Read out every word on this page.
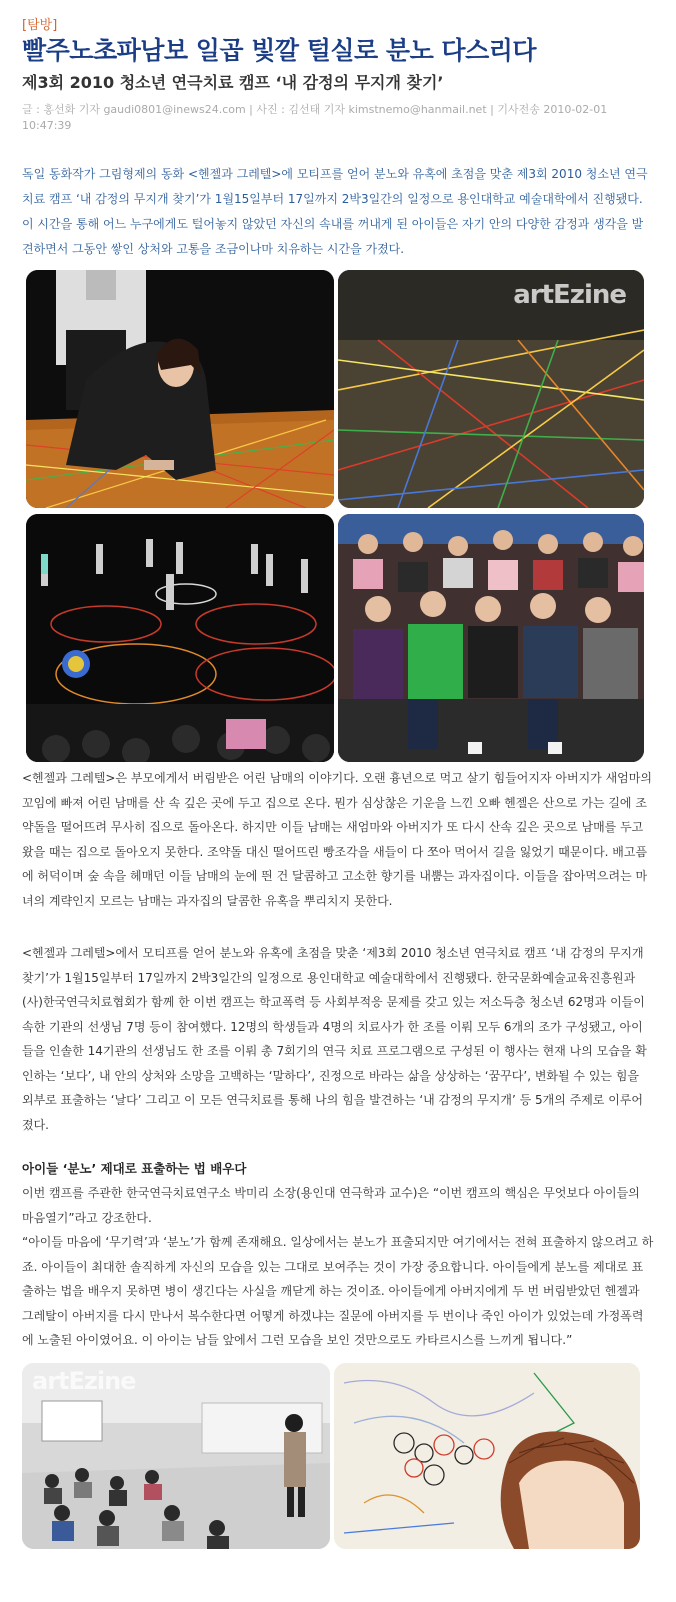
[탐방]
빨주노초파남보 일곱 빛깔 털실로 분노 다스리다
제3회 2010 청소년 연극치료 캠프 ‘내 감정의 무지개 찾기’
글 : 홍선화 기자 gaudi0801@inews24.com | 사진 : 김선태 기자 kimstnemo@hanmail.net | 기사전송 2010-02-01 10:47:39

독일 동화작가 그림형제의 동화 <헨젤과 그레텔>에 모티프를 얻어 분노와 유혹에 초점을 맞춘 제3회 2010 청소년 연극치료 캠프 ‘내 감정의 무지개 찾기’가 1월15일부터 17일까지 2박3일간의 일정으로 용인대학교 예술대학에서 진행됐다. 이 시간을 통해 어느 누구에게도 털어놓지 않았던 자신의 속내를 꺼내게 된 아이들은 자기 안의 다양한 감정과 생각을 발견하면서 그동안 쌓인 상처와 고통을 조금이나마 치유하는 시간을 가졌다.

artEzine

<헨젤과 그레텔>은 부모에게서 버림받은 어린 남매의 이야기다. 오랜 흉년으로 먹고 살기 힘들어지자 아버지가 새엄마의 꼬임에 빠져 어린 남매를 산 속 깊은 곳에 두고 집으로 온다. 뭔가 심상찮은 기운을 느낀 오빠 헨젤은 산으로 가는 길에 조약돌을 떨어뜨려 무사히 집으로 돌아온다. 하지만 이들 남매는 새엄마와 아버지가 또 다시 산속 깊은 곳으로 남매를 두고 왔을 때는 집으로 돌아오지 못한다. 조약돌 대신 떨어뜨린 빵조각을 새들이 다 쪼아 먹어서 길을 잃었기 때문이다. 배고픔에 허덕이며 숲 속을 헤매던 이들 남매의 눈에 띈 건 달콤하고 고소한 향기를 내뿜는 과자집이다. 이들을 잡아먹으려는 마녀의 계략인지 모르는 남매는 과자집의 달콤한 유혹을 뿌리치지 못한다.

<헨젤과 그레텔>에서 모티프를 얻어 분노와 유혹에 초점을 맞춘 ‘제3회 2010 청소년 연극치료 캠프 ‘내 감정의 무지개 찾기’가 1월15일부터 17일까지 2박3일간의 일정으로 용인대학교 예술대학에서 진행됐다. 한국문화예술교육진흥원과 (사)한국연극치료협회가 함께 한 이번 캠프는 학교폭력 등 사회부적응 문제를 갖고 있는 저소득층 청소년 62명과 이들이 속한 기관의 선생님 7명 등이 참여했다. 12명의 학생들과 4명의 치료사가 한 조를 이뤄 모두 6개의 조가 구성됐고, 아이들을 인솔한 14기관의 선생님도 한 조를 이뤄 총 7회기의 연극 치료 프로그램으로 구성된 이 행사는 현재 나의 모습을 확인하는 ‘보다’, 내 안의 상처와 소망을 고백하는 ‘말하다’, 진정으로 바라는 삶을 상상하는 ‘꿈꾸다’, 변화될 수 있는 힘을 외부로 표출하는 ‘날다’ 그리고 이 모든 연극치료를 통해 나의 힘을 발견하는 ‘내 감정의 무지개’ 등 5개의 주제로 이루어졌다.

아이들 ‘분노’ 제대로 표출하는 법 배우다

이번 캠프를 주관한 한국연극치료연구소 박미리 소장(용인대 연극학과 교수)은 “이번 캠프의 핵심은 무엇보다 아이들의 마음열기”라고 강조한다.

“아이들 마음에 ‘무기력’과 ‘분노’가 함께 존재해요. 일상에서는 분노가 표출되지만 여기에서는 전혀 표출하지 않으려고 하죠. 아이들이 최대한 솔직하게 자신의 모습을 있는 그대로 보여주는 것이 가장 중요합니다. 아이들에게 분노를 제대로 표출하는 법을 배우지 못하면 병이 생긴다는 사실을 깨닫게 하는 것이죠. 아이들에게 아버지에게 두 번 버림받았던 헨젤과 그레탈이 아버지를 다시 만나서 복수한다면 어떻게 하겠냐는 질문에 아버지를 두 번이나 죽인 아이가 있었는데 가정폭력에 노출된 아이였어요. 이 아이는 남들 앞에서 그런 모습을 보인 것만으로도 카타르시스를 느끼게 됩니다.”

artEzine
